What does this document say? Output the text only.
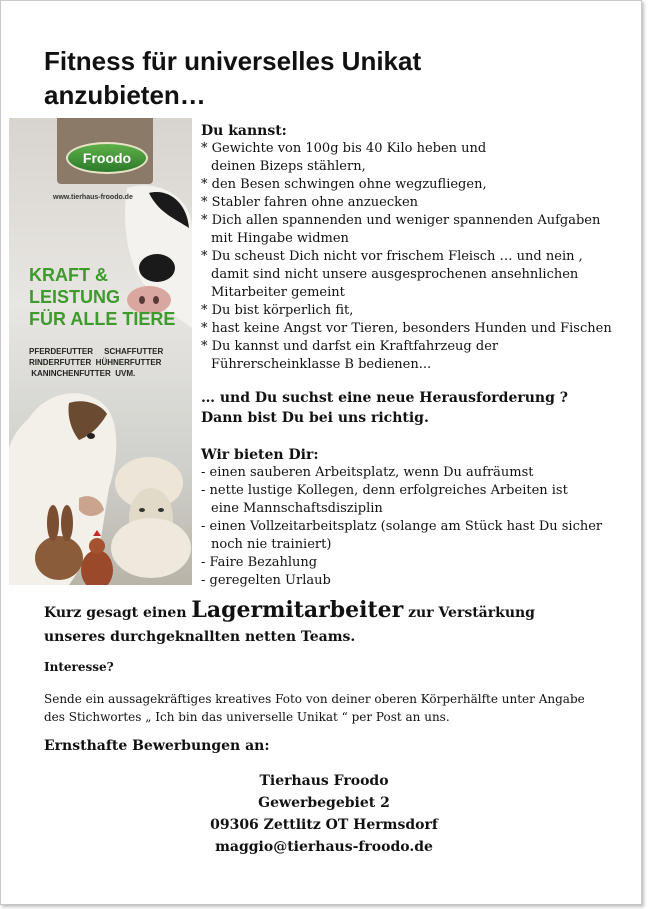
Fitness für universelles Unikat
anzubieten…
Froodo
www.tierhaus-froodo.de
KRAFT &
LEISTUNG
FÜR ALLE TIERE
PFERDEFUTTER     SCHAFFUTTER
RINDERFUTTER  HÜHNERFUTTER
KANINCHENFUTTER  UVM.
Du kannst:
* Gewichte von 100g bis 40 Kilo heben und deinen Bizeps stählern,
* den Besen schwingen ohne wegzufliegen,
* Stabler fahren ohne anzuecken
* Dich allen spannenden und weniger spannenden Aufgaben mit Hingabe widmen
* Du scheust Dich nicht vor frischem Fleisch … und nein , damit sind nicht unsere ausgesprochenen ansehnlichen Mitarbeiter gemeint
* Du bist körperlich fit,
* hast keine Angst vor Tieren, besonders Hunden und Fischen
* Du kannst und darfst ein Kraftfahrzeug der Führerscheinklasse B bedienen...
… und Du suchst eine neue Herausforderung ?
Dann bist Du bei uns richtig.
Wir bieten Dir:
- einen sauberen Arbeitsplatz, wenn Du aufräumst
- nette lustige Kollegen, denn erfolgreiches Arbeiten ist eine Mannschaftsdisziplin
- einen Vollzeitarbeitsplatz (solange am Stück hast Du sicher noch nie trainiert)
- Faire Bezahlung
- geregelten Urlaub
Kurz gesagt einen Lagermitarbeiter zur Verstärkung
unseres durchgeknallten netten Teams.
Interesse?
Sende ein aussagekräftiges kreatives Foto von deiner oberen Körperhälfte unter Angabe des Stichwortes „ Ich bin das universelle Unikat “ per Post an uns.
Ernsthafte Bewerbungen an:
Tierhaus Froodo
Gewerbegebiet 2
09306 Zettlitz OT Hermsdorf
maggio@tierhaus-froodo.de
